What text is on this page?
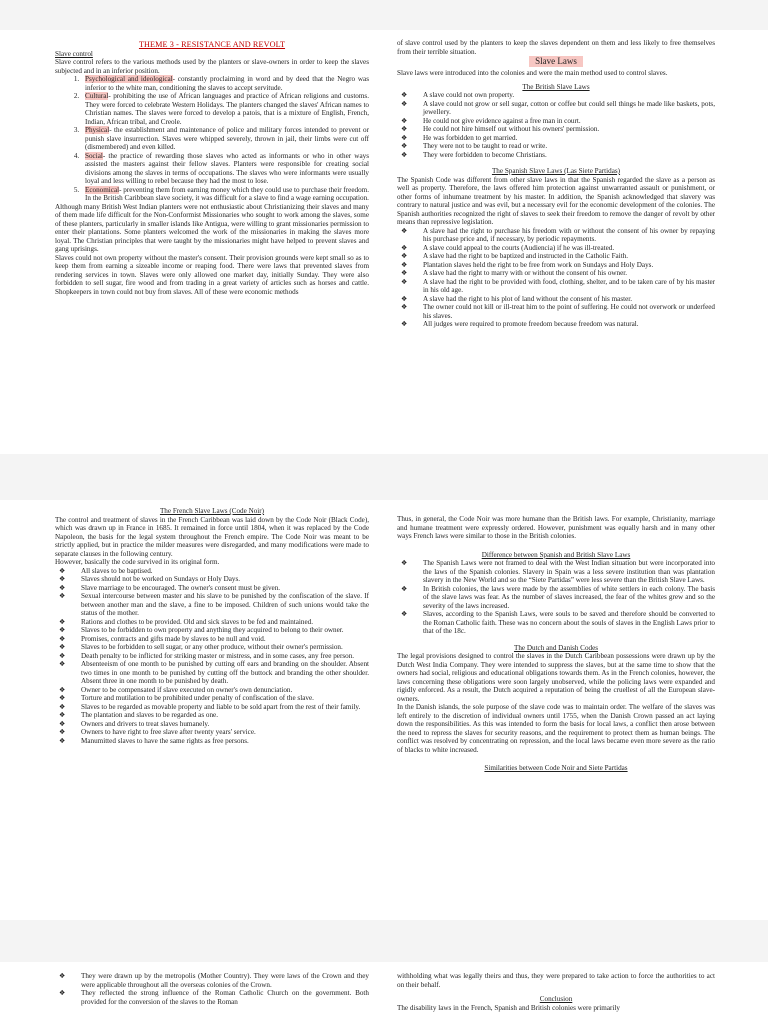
THEME 3 - RESISTANCE AND REVOLT

Slave control

Slave control refers to the various methods used by the planters or slave-owners in order to keep the slaves subjected and in an inferior position.

1. Psychological and ideological- constantly proclaiming in word and by deed that the Negro was inferior to the white man, conditioning the slaves to accept servitude.
2. Cultural- prohibiting the use of African languages and practice of African religions and customs. They were forced to celebrate Western Holidays. The planters changed the slaves' African names to Christian names. The slaves were forced to develop a patois, that is a mixture of English, French, Indian, African tribal, and Creole.
3. Physical- the establishment and maintenance of police and military forces intended to prevent or punish slave insurrection. Slaves were whipped severely, thrown in jail, their limbs were cut off (dismembered) and even killed.
4. Social- the practice of rewarding those slaves who acted as informants or who in other ways assisted the masters against their fellow slaves. Planters were responsible for creating social divisions among the slaves in terms of occupations. The slaves who were informants were usually loyal and less willing to rebel because they had the most to lose.
5. Economical- preventing them from earning money which they could use to purchase their freedom. In the British Caribbean slave society, it was difficult for a slave to find a wage earning occupation.

Although many British West Indian planters were not enthusiastic about Christianizing their slaves and many of them made life difficult for the Non-Conformist Missionaries who sought to work among the slaves, some of these planters, particularly in smaller islands like Antigua, were willing to grant missionaries permission to enter their plantations. Some planters welcomed the work of the missionaries in making the slaves more loyal. The Christian principles that were taught by the missionaries might have helped to prevent slaves and gang uprisings.

Slaves could not own property without the master's consent. Their provision grounds were kept small so as to keep them from earning a sizeable income or reaping food. There were laws that prevented slaves from rendering services in town. Slaves were only allowed one market day, initially Sunday. They were also forbidden to sell sugar, fire wood and from trading in a great variety of articles such as horses and cattle. Shopkeepers in town could not buy from slaves. All of these were economic methods

of slave control used by the planters to keep the slaves dependent on them and less likely to free themselves from their terrible situation.

Slave Laws

Slave laws were introduced into the colonies and were the main method used to control slaves.

The British Slave Laws

❖ A slave could not own property.
❖ A slave could not grow or sell sugar, cotton or coffee but could sell things he made like baskets, pots, jewellery.
❖ He could not give evidence against a free man in court.
❖ He could not hire himself out without his owners' permission.
❖ He was forbidden to get married.
❖ They were not to be taught to read or write.
❖ They were forbidden to become Christians.

The Spanish Slave Laws (Las Siete Partidas)

The Spanish Code was different from other slave laws in that the Spanish regarded the slave as a person as well as property. Therefore, the laws offered him protection against unwarranted assault or punishment, or other forms of inhumane treatment by his master. In addition, the Spanish acknowledged that slavery was contrary to natural justice and was evil, but a necessary evil for the economic development of the colonies. The Spanish authorities recognized the right of slaves to seek their freedom to remove the danger of revolt by other means than repressive legislation.

❖ A slave had the right to purchase his freedom with or without the consent of his owner by repaying his purchase price and, if necessary, by periodic repayments.
❖ A slave could appeal to the courts (Audiencia) if he was ill-treated.
❖ A slave had the right to be baptized and instructed in the Catholic Faith.
❖ Plantation slaves held the right to be free from work on Sundays and Holy Days.
❖ A slave had the right to marry with or without the consent of his owner.
❖ A slave had the right to be provided with food, clothing, shelter, and to be taken care of by his master in his old age.
❖ A slave had the right to his plot of land without the consent of his master.
❖ The owner could not kill or ill-treat him to the point of suffering. He could not overwork or underfeed his slaves.
❖ All judges were required to promote freedom because freedom was natural.

The French Slave Laws (Code Noir)

The control and treatment of slaves in the French Caribbean was laid down by the Code Noir (Black Code), which was drawn up in France in 1685. It remained in force until 1804, when it was replaced by the Code Napoleon, the basis for the legal system throughout the French empire. The Code Noir was meant to be strictly applied, but in practice the milder measures were disregarded, and many modifications were made to separate clauses in the following century.

However, basically the code survived in its original form.

❖ All slaves to be baptised.
❖ Slaves should not be worked on Sundays or Holy Days.
❖ Slave marriage to be encouraged. The owner's consent must be given.
❖ Sexual intercourse between master and his slave to be punished by the confiscation of the slave. If between another man and the slave, a fine to be imposed. Children of such unions would take the status of the mother.
❖ Rations and clothes to be provided. Old and sick slaves to be fed and maintained.
❖ Slaves to be forbidden to own property and anything they acquired to belong to their owner.
❖ Promises, contracts and gifts made by slaves to be null and void.
❖ Slaves to be forbidden to sell sugar, or any other produce, without their owner's permission.
❖ Death penalty to be inflicted for striking master or mistress, and in some cases, any free person.
❖ Absenteeism of one month to be punished by cutting off ears and branding on the shoulder. Absent two times in one month to be punished by cutting off the buttock and branding the other shoulder. Absent three in one month to be punished by death.
❖ Owner to be compensated if slave executed on owner's own denunciation.
❖ Torture and mutilation to be prohibited under penalty of confiscation of the slave.
❖ Slaves to be regarded as movable property and liable to be sold apart from the rest of their family.
❖ The plantation and slaves to be regarded as one.
❖ Owners and drivers to treat slaves humanely.
❖ Owners to have right to free slave after twenty years' service.
❖ Manumitted slaves to have the same rights as free persons.

Thus, in general, the Code Noir was more humane than the British laws. For example, Christianity, marriage and humane treatment were expressly ordered. However, punishment was equally harsh and in many other ways French laws were similar to those in the British colonies.

Difference between Spanish and British Slave Laws

❖ The Spanish Laws were not framed to deal with the West Indian situation but were incorporated into the laws of the Spanish colonies. Slavery in Spain was a less severe institution than was plantation slavery in the New World and so the “Siete Partidas” were less severe than the British Slave Laws.
❖ In British colonies, the laws were made by the assemblies of white settlers in each colony. The basis of the slave laws was fear. As the number of slaves increased, the fear of the whites grew and so the severity of the laws increased.
❖ Slaves, according to the Spanish Laws, were souls to be saved and therefore should be converted to the Roman Catholic faith. These was no concern about the souls of slaves in the English Laws prior to that of the 18c.

The Dutch and Danish Codes

The legal provisions designed to control the slaves in the Dutch Caribbean possessions were drawn up by the Dutch West India Company. They were intended to suppress the slaves, but at the same time to show that the owners had social, religious and educational obligations towards them. As in the French colonies, however, the laws concerning these obligations were soon largely unobserved, while the policing laws were expanded and rigidly enforced. As a result, the Dutch acquired a reputation of being the cruellest of all the European slave-owners.

In the Danish islands, the sole purpose of the slave code was to maintain order. The welfare of the slaves was left entirely to the discretion of individual owners until 1755, when the Danish Crown passed an act laying down the responsibilities. As this was intended to form the basis for local laws, a conflict then arose between the need to repress the slaves for security reasons, and the requirement to protect them as human beings. The conflict was resolved by concentrating on repression, and the local laws became even more severe as the ratio of blacks to white increased.

Similarities between Code Noir and Siete Partidas

❖ They were drawn up by the metropolis (Mother Country). They were laws of the Crown and they were applicable throughout all the overseas colonies of the Crown.
❖ They reflected the strong influence of the Roman Catholic Church on the government. Both provided for the conversion of the slaves to the Roman

withholding what was legally theirs and thus, they were prepared to take action to force the authorities to act on their behalf.

Conclusion

The disability laws in the French, Spanish and British colonies were primarily
